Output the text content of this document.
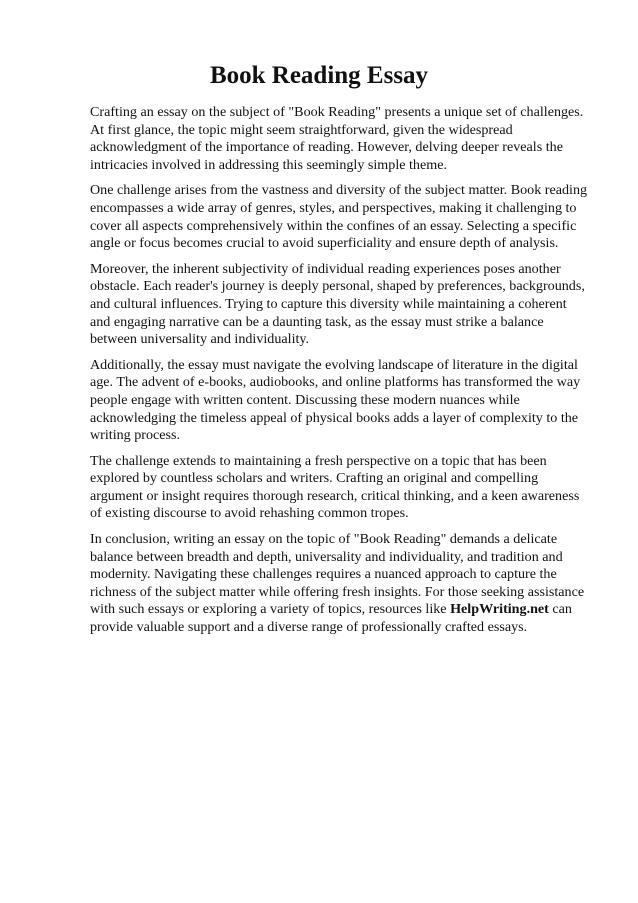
Book Reading Essay

Crafting an essay on the subject of "Book Reading" presents a unique set of challenges. At first glance, the topic might seem straightforward, given the widespread acknowledgment of the importance of reading. However, delving deeper reveals the intricacies involved in addressing this seemingly simple theme.

One challenge arises from the vastness and diversity of the subject matter. Book reading encompasses a wide array of genres, styles, and perspectives, making it challenging to cover all aspects comprehensively within the confines of an essay. Selecting a specific angle or focus becomes crucial to avoid superficiality and ensure depth of analysis.

Moreover, the inherent subjectivity of individual reading experiences poses another obstacle. Each reader's journey is deeply personal, shaped by preferences, backgrounds, and cultural influences. Trying to capture this diversity while maintaining a coherent and engaging narrative can be a daunting task, as the essay must strike a balance between universality and individuality.

Additionally, the essay must navigate the evolving landscape of literature in the digital age. The advent of e-books, audiobooks, and online platforms has transformed the way people engage with written content. Discussing these modern nuances while acknowledging the timeless appeal of physical books adds a layer of complexity to the writing process.

The challenge extends to maintaining a fresh perspective on a topic that has been explored by countless scholars and writers. Crafting an original and compelling argument or insight requires thorough research, critical thinking, and a keen awareness of existing discourse to avoid rehashing common tropes.

In conclusion, writing an essay on the topic of "Book Reading" demands a delicate balance between breadth and depth, universality and individuality, and tradition and modernity. Navigating these challenges requires a nuanced approach to capture the richness of the subject matter while offering fresh insights. For those seeking assistance with such essays or exploring a variety of topics, resources like HelpWriting.net can provide valuable support and a diverse range of professionally crafted essays.
